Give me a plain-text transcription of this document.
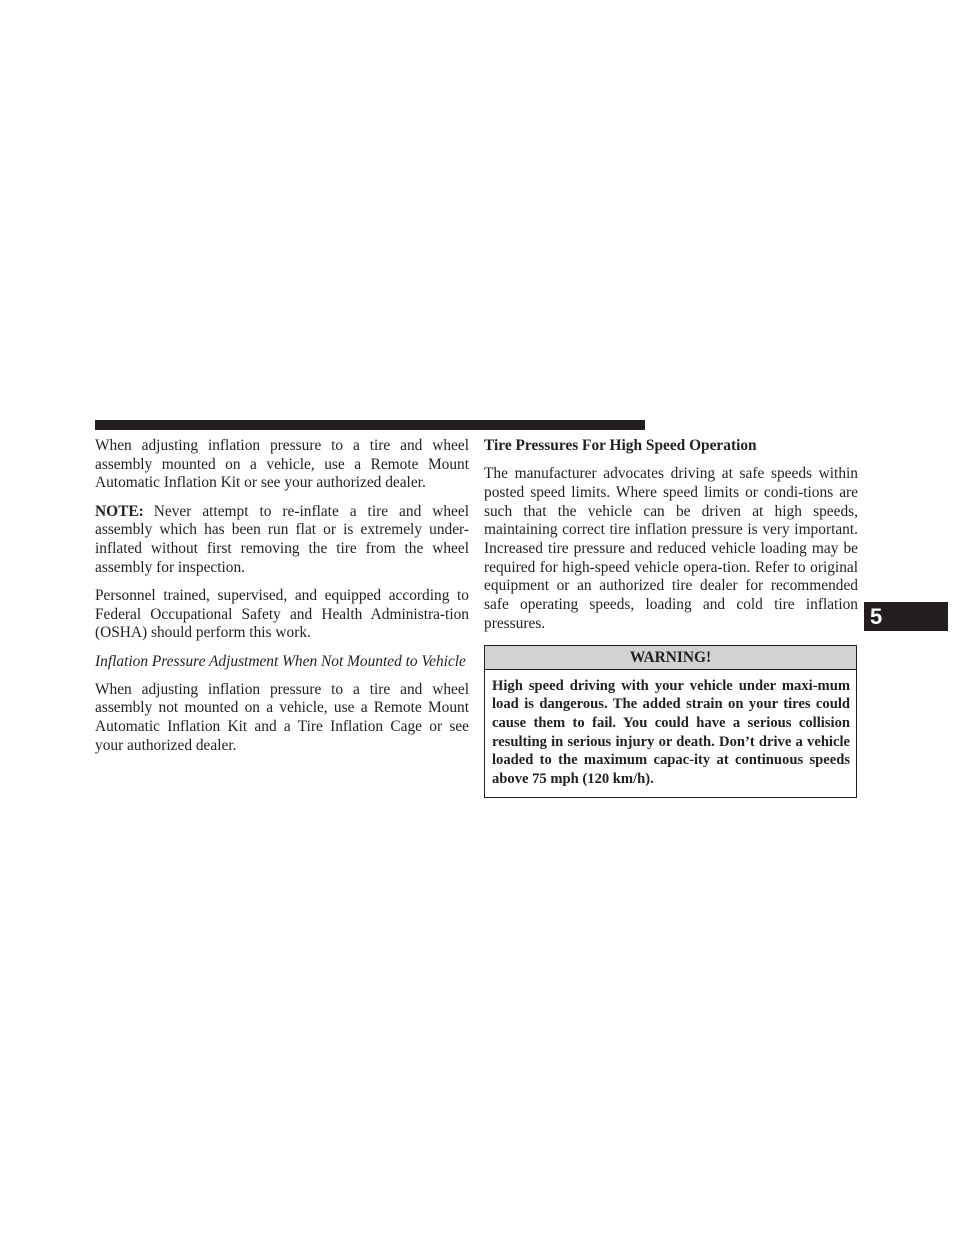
When adjusting inflation pressure to a tire and wheel assembly mounted on a vehicle, use a Remote Mount Automatic Inflation Kit or see your authorized dealer.

NOTE: Never attempt to re-inflate a tire and wheel assembly which has been run flat or is extremely under-inflated without first removing the tire from the wheel assembly for inspection.

Personnel trained, supervised, and equipped according to Federal Occupational Safety and Health Administra-tion (OSHA) should perform this work.

Inflation Pressure Adjustment When Not Mounted to Vehicle

When adjusting inflation pressure to a tire and wheel assembly not mounted on a vehicle, use a Remote Mount Automatic Inflation Kit and a Tire Inflation Cage or see your authorized dealer.

Tire Pressures For High Speed Operation

The manufacturer advocates driving at safe speeds within posted speed limits. Where speed limits or condi-tions are such that the vehicle can be driven at high speeds, maintaining correct tire inflation pressure is very important. Increased tire pressure and reduced vehicle loading may be required for high-speed vehicle opera-tion. Refer to original equipment or an authorized tire dealer for recommended safe operating speeds, loading and cold tire inflation pressures.

WARNING!
High speed driving with your vehicle under maxi-mum load is dangerous. The added strain on your tires could cause them to fail. You could have a serious collision resulting in serious injury or death. Don’t drive a vehicle loaded to the maximum capac-ity at continuous speeds above 75 mph (120 km/h).
5
